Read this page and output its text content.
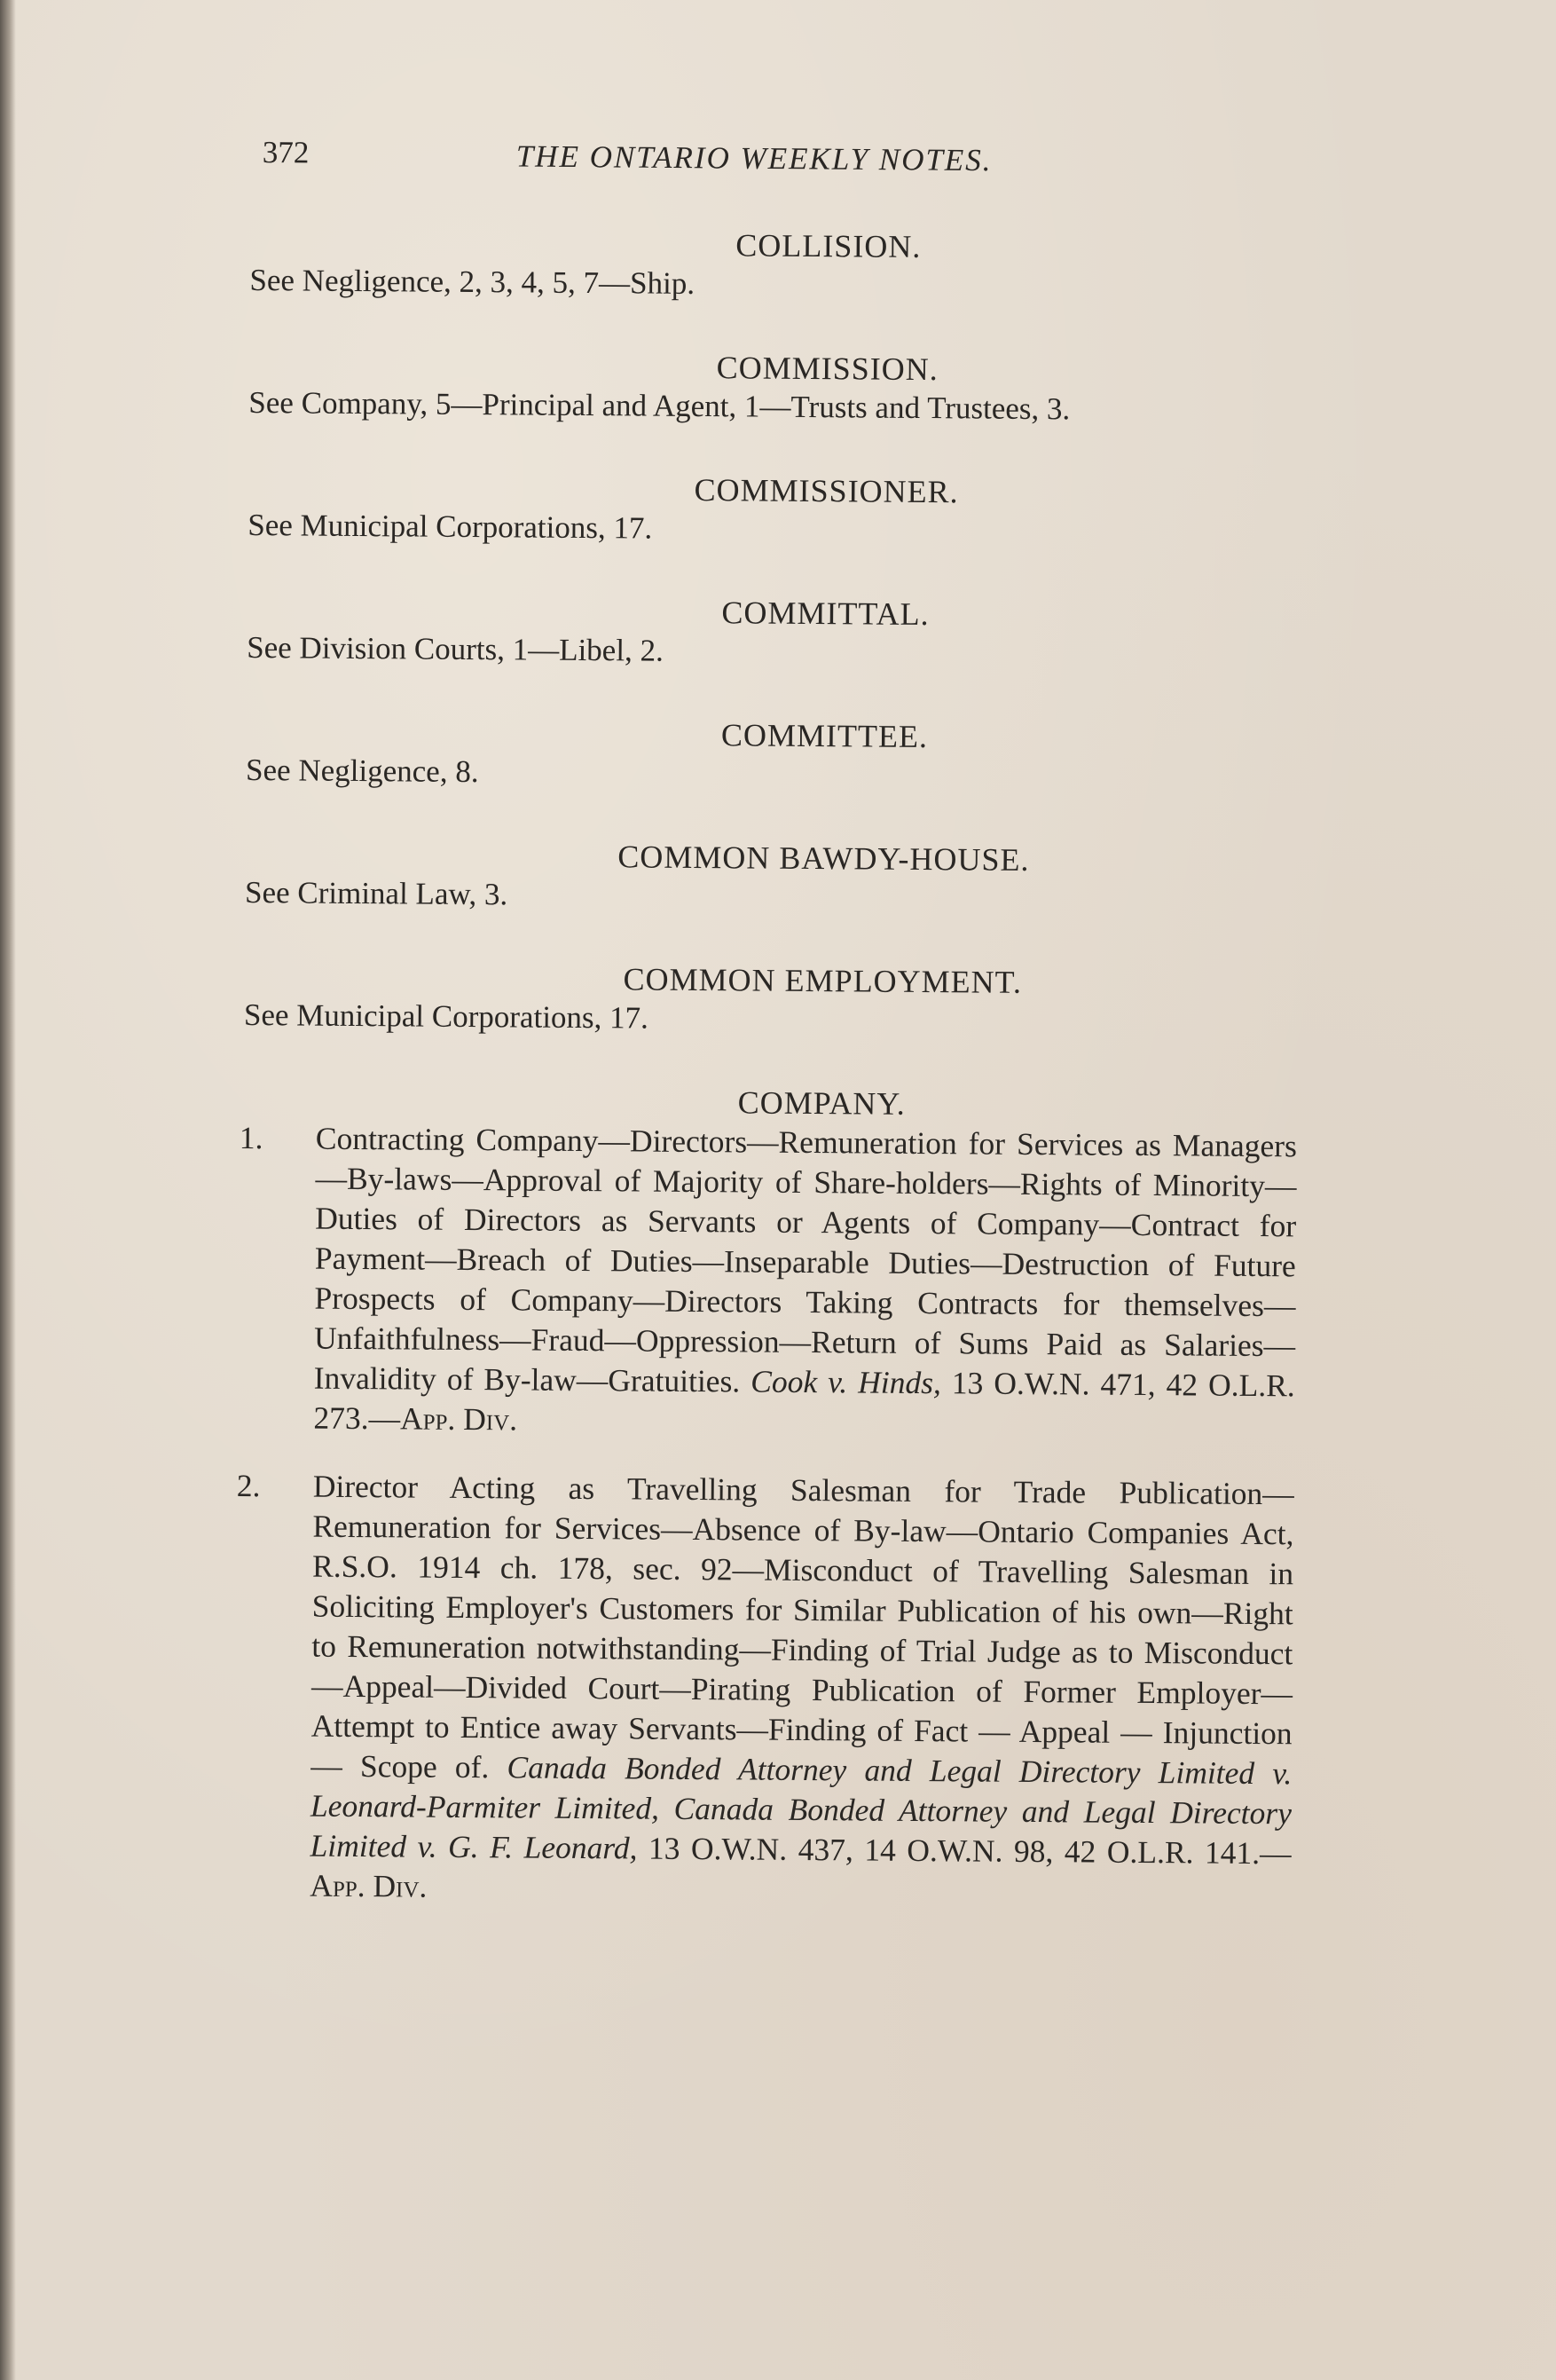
372	THE ONTARIO WEEKLY NOTES.
COLLISION.
See Negligence, 2, 3, 4, 5, 7—Ship.
COMMISSION.
See Company, 5—Principal and Agent, 1—Trusts and Trustees, 3.
COMMISSIONER.
See Municipal Corporations, 17.
COMMITTAL.
See Division Courts, 1—Libel, 2.
COMMITTEE.
See Negligence, 8.
COMMON BAWDY-HOUSE.
See Criminal Law, 3.
COMMON EMPLOYMENT.
See Municipal Corporations, 17.
COMPANY.
1.	Contracting Company—Directors—Remuneration for Services as Managers—By-laws—Approval of Majority of Share-holders—Rights of Minority—Duties of Directors as Servants or Agents of Company—Contract for Payment—Breach of Duties—Inseparable Duties—Destruction of Future Prospects of Company—Directors Taking Contracts for themselves—Unfaithfulness—Fraud—Oppression—Return of Sums Paid as Salaries—Invalidity of By-law—Gratuities. Cook v. Hinds, 13 O.W.N. 471, 42 O.L.R. 273.—App. Div.
2.	Director Acting as Travelling Salesman for Trade Publication—Remuneration for Services—Absence of By-law—Ontario Companies Act, R.S.O. 1914 ch. 178, sec. 92—Misconduct of Travelling Salesman in Soliciting Employer's Customers for Similar Publication of his own—Right to Remuneration notwithstanding—Finding of Trial Judge as to Misconduct—Appeal—Divided Court—Pirating Publication of Former Employer—Attempt to Entice away Servants—Finding of Fact — Appeal — Injunction — Scope of. Canada Bonded Attorney and Legal Directory Limited v. Leonard-Parmiter Limited, Canada Bonded Attorney and Legal Directory Limited v. G. F. Leonard, 13 O.W.N. 437, 14 O.W.N. 98, 42 O.L.R. 141.—App. Div.
